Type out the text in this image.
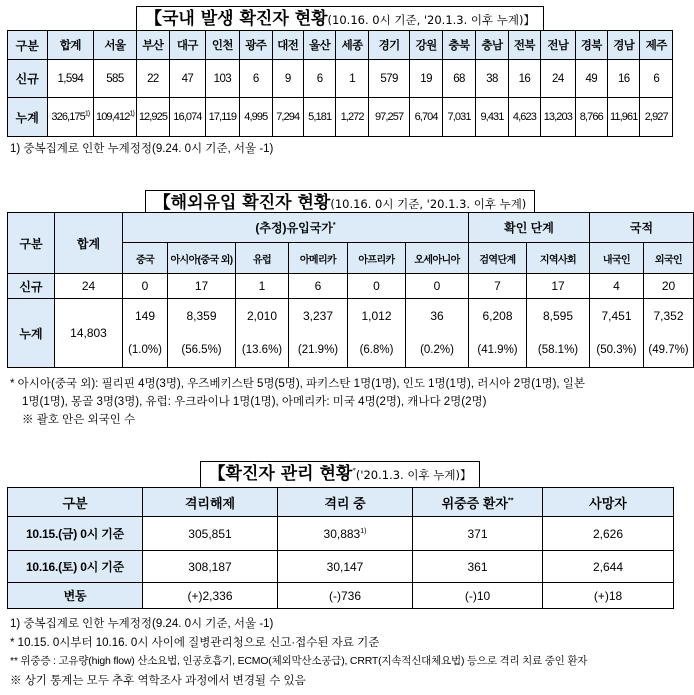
【국내 발생 확진자 현황(10.16. 0시 기준, '20.1.3. 이후 누계)】
구분	합계	서울	부산	대구	인천	광주	대전	울산	세종	경기	강원	충북	충남	전북	전남	경북	경남	제주
신규	1,594	585	22	47	103	6	9	6	1	579	19	68	38	16	24	49	16	6
누계	326,175$^{1)}$	109,412$^{1)}$	12,925	16,074	17,119	4,995	7,294	5,181	1,272	97,257	6,704	7,031	9,431	4,623	13,203	8,766	11,961	2,927
1) 중복집계로 인한 누계정정(9.24. 0시 기준, 서울 -1)
【해외유입 확진자 현황(10.16. 0시 기준, '20.1.3. 이후 누계)
구분	합계	(추정)유입국가*						확인 단계		국적	
		중국	아시아(중국 외)	유럽	아메리카	아프리카	오세아니아	검역단계	지역사회	내국인	외국인
신규	24	0	17	1	6	0	0	7	17	4	20
누계	14,803	149	8,359	2,010	3,237	1,012	36	6,208	8,595	7,451	7,352
		(1.0%)	(56.5%)	(13.6%)	(21.9%)	(6.8%)	(0.2%)	(41.9%)	(58.1%)	(50.3%)	(49.7%)
* 아시아(중국 외): 필리핀 4명(3명), 우즈베키스탄 5명(5명), 파키스탄 1명(1명), 인도 1명(1명), 러시아 2명(1명), 일본
1명(1명), 몽골 3명(3명), 유럽: 우크라이나 1명(1명), 아메리카: 미국 4명(2명), 캐나다 2명(2명)
※ 괄호 안은 외국인 수
【확진자 관리 현황*('20.1.3. 이후 누계)】
구분	격리해제	격리 중	위중증 환자**	사망자
10.15.(금) 0시 기준	305,851	30,883$^{1)}$	371	2,626
10.16.(토) 0시 기준	308,187	30,147	361	2,644
변동	(+)2,336	(-)736	(-)10	(+)18
1) 중복집계로 인한 누계정정(9.24. 0시 기준, 서울 -1)
* 10.15. 0시부터 10.16. 0시 사이에 질병관리청으로 신고·접수된 자료 기준
** 위중증 : 고유량(high flow) 산소요법, 인공호흡기, ECMO(체외막산소공급), CRRT(지속적신대체요법) 등으로 격리 치료 중인 환자
※ 상기 통계는 모두 추후 역학조사 과정에서 변경될 수 있음
